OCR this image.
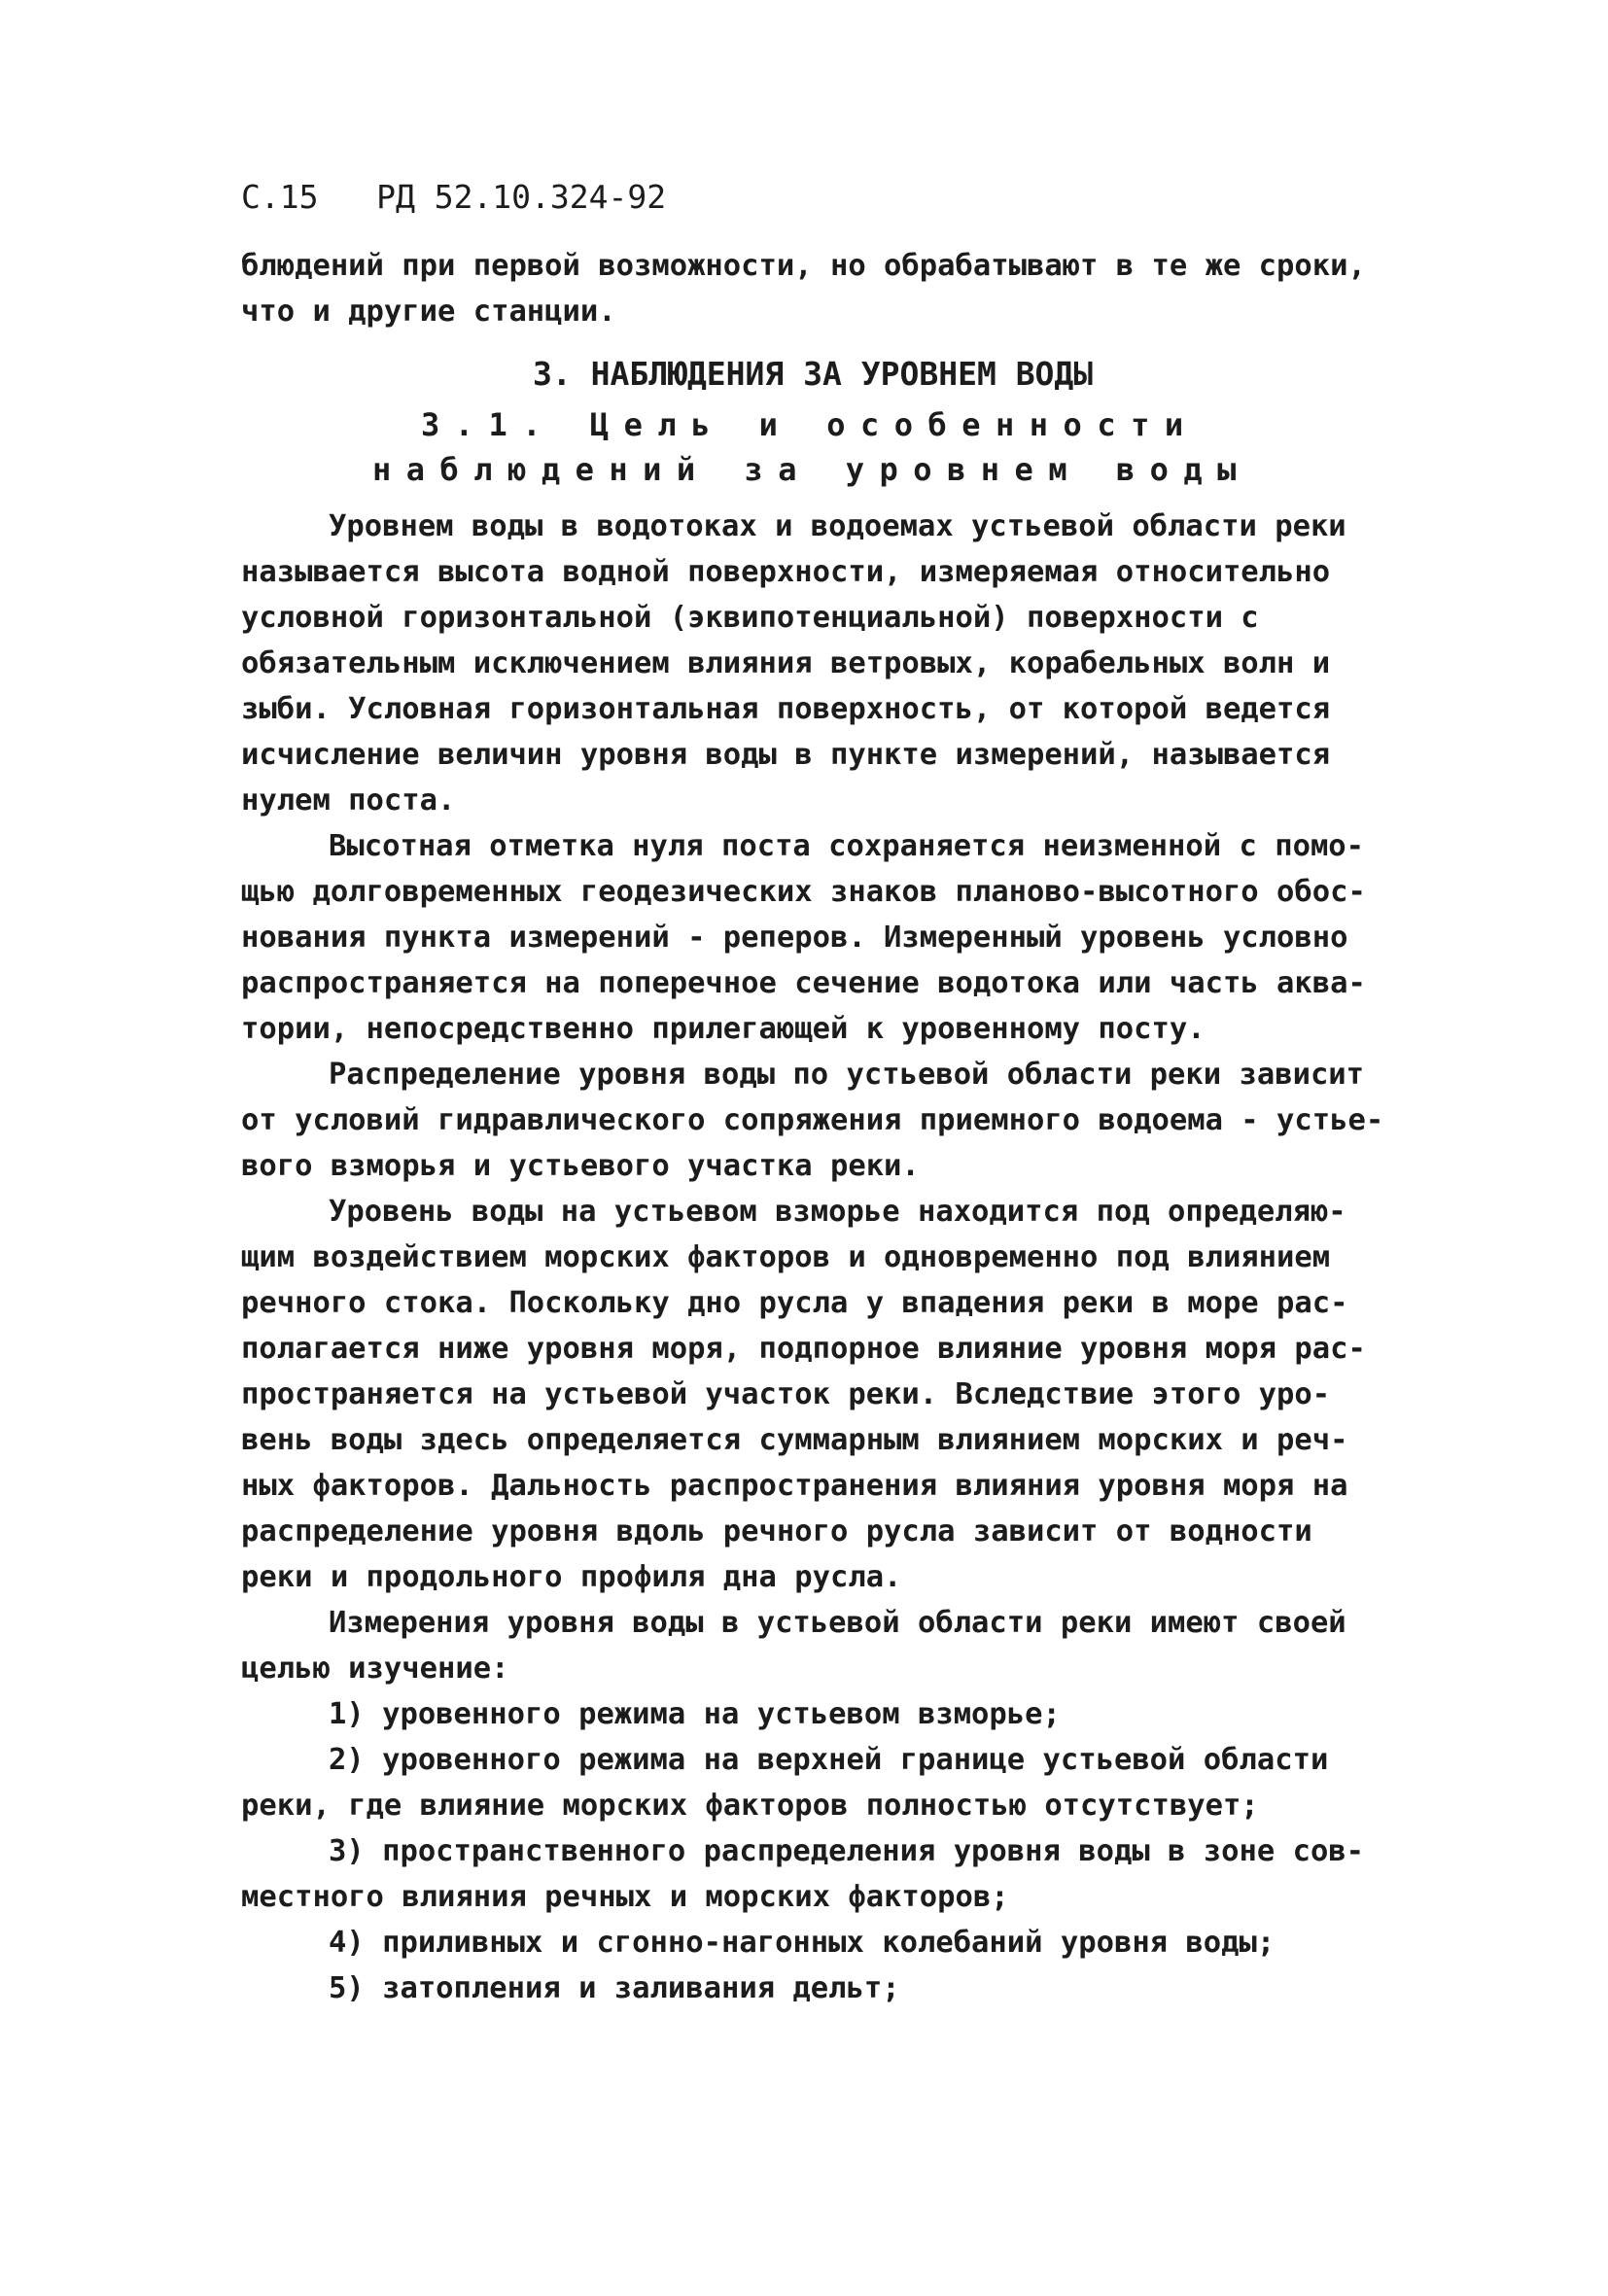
С.15 РД 52.10.324-92
блюдений при первой возможности, но обрабатывают в те же сроки,
что и другие станции.
3. НАБЛЮДЕНИЯ ЗА УРОВНЕМ ВОДЫ
3.1. Цель и особенности
наблюдений за уровнем воды
Уровнем воды в водотоках и водоемах устьевой области реки
называется высота водной поверхности, измеряемая относительно
условной горизонтальной (эквипотенциальной) поверхности с
обязательным исключением влияния ветровых, корабельных волн и
зыби. Условная горизонтальная поверхность, от которой ведется
исчисление величин уровня воды в пункте измерений, называется
нулем поста.
Высотная отметка нуля поста сохраняется неизменной с помо-
щью долговременных геодезических знаков планово-высотного обос-
нования пункта измерений - реперов. Измеренный уровень условно
распространяется на поперечное сечение водотока или часть аква-
тории, непосредственно прилегающей к уровенному посту.
Распределение уровня воды по устьевой области реки зависит
от условий гидравлического сопряжения приемного водоема - устье-
вого взморья и устьевого участка реки.
Уровень воды на устьевом взморье находится под определяю-
щим воздействием морских факторов и одновременно под влиянием
речного стока. Поскольку дно русла у впадения реки в море рас-
полагается ниже уровня моря, подпорное влияние уровня моря рас-
пространяется на устьевой участок реки. Вследствие этого уро-
вень воды здесь определяется суммарным влиянием морских и реч-
ных факторов. Дальность распространения влияния уровня моря на
распределение уровня вдоль речного русла зависит от водности
реки и продольного профиля дна русла.
Измерения уровня воды в устьевой области реки имеют своей
целью изучение:
1) уровенного режима на устьевом взморье;
2) уровенного режима на верхней границе устьевой области
реки, где влияние морских факторов полностью отсутствует;
3) пространственного распределения уровня воды в зоне сов-
местного влияния речных и морских факторов;
4) приливных и сгонно-нагонных колебаний уровня воды;
5) затопления и заливания дельт;
